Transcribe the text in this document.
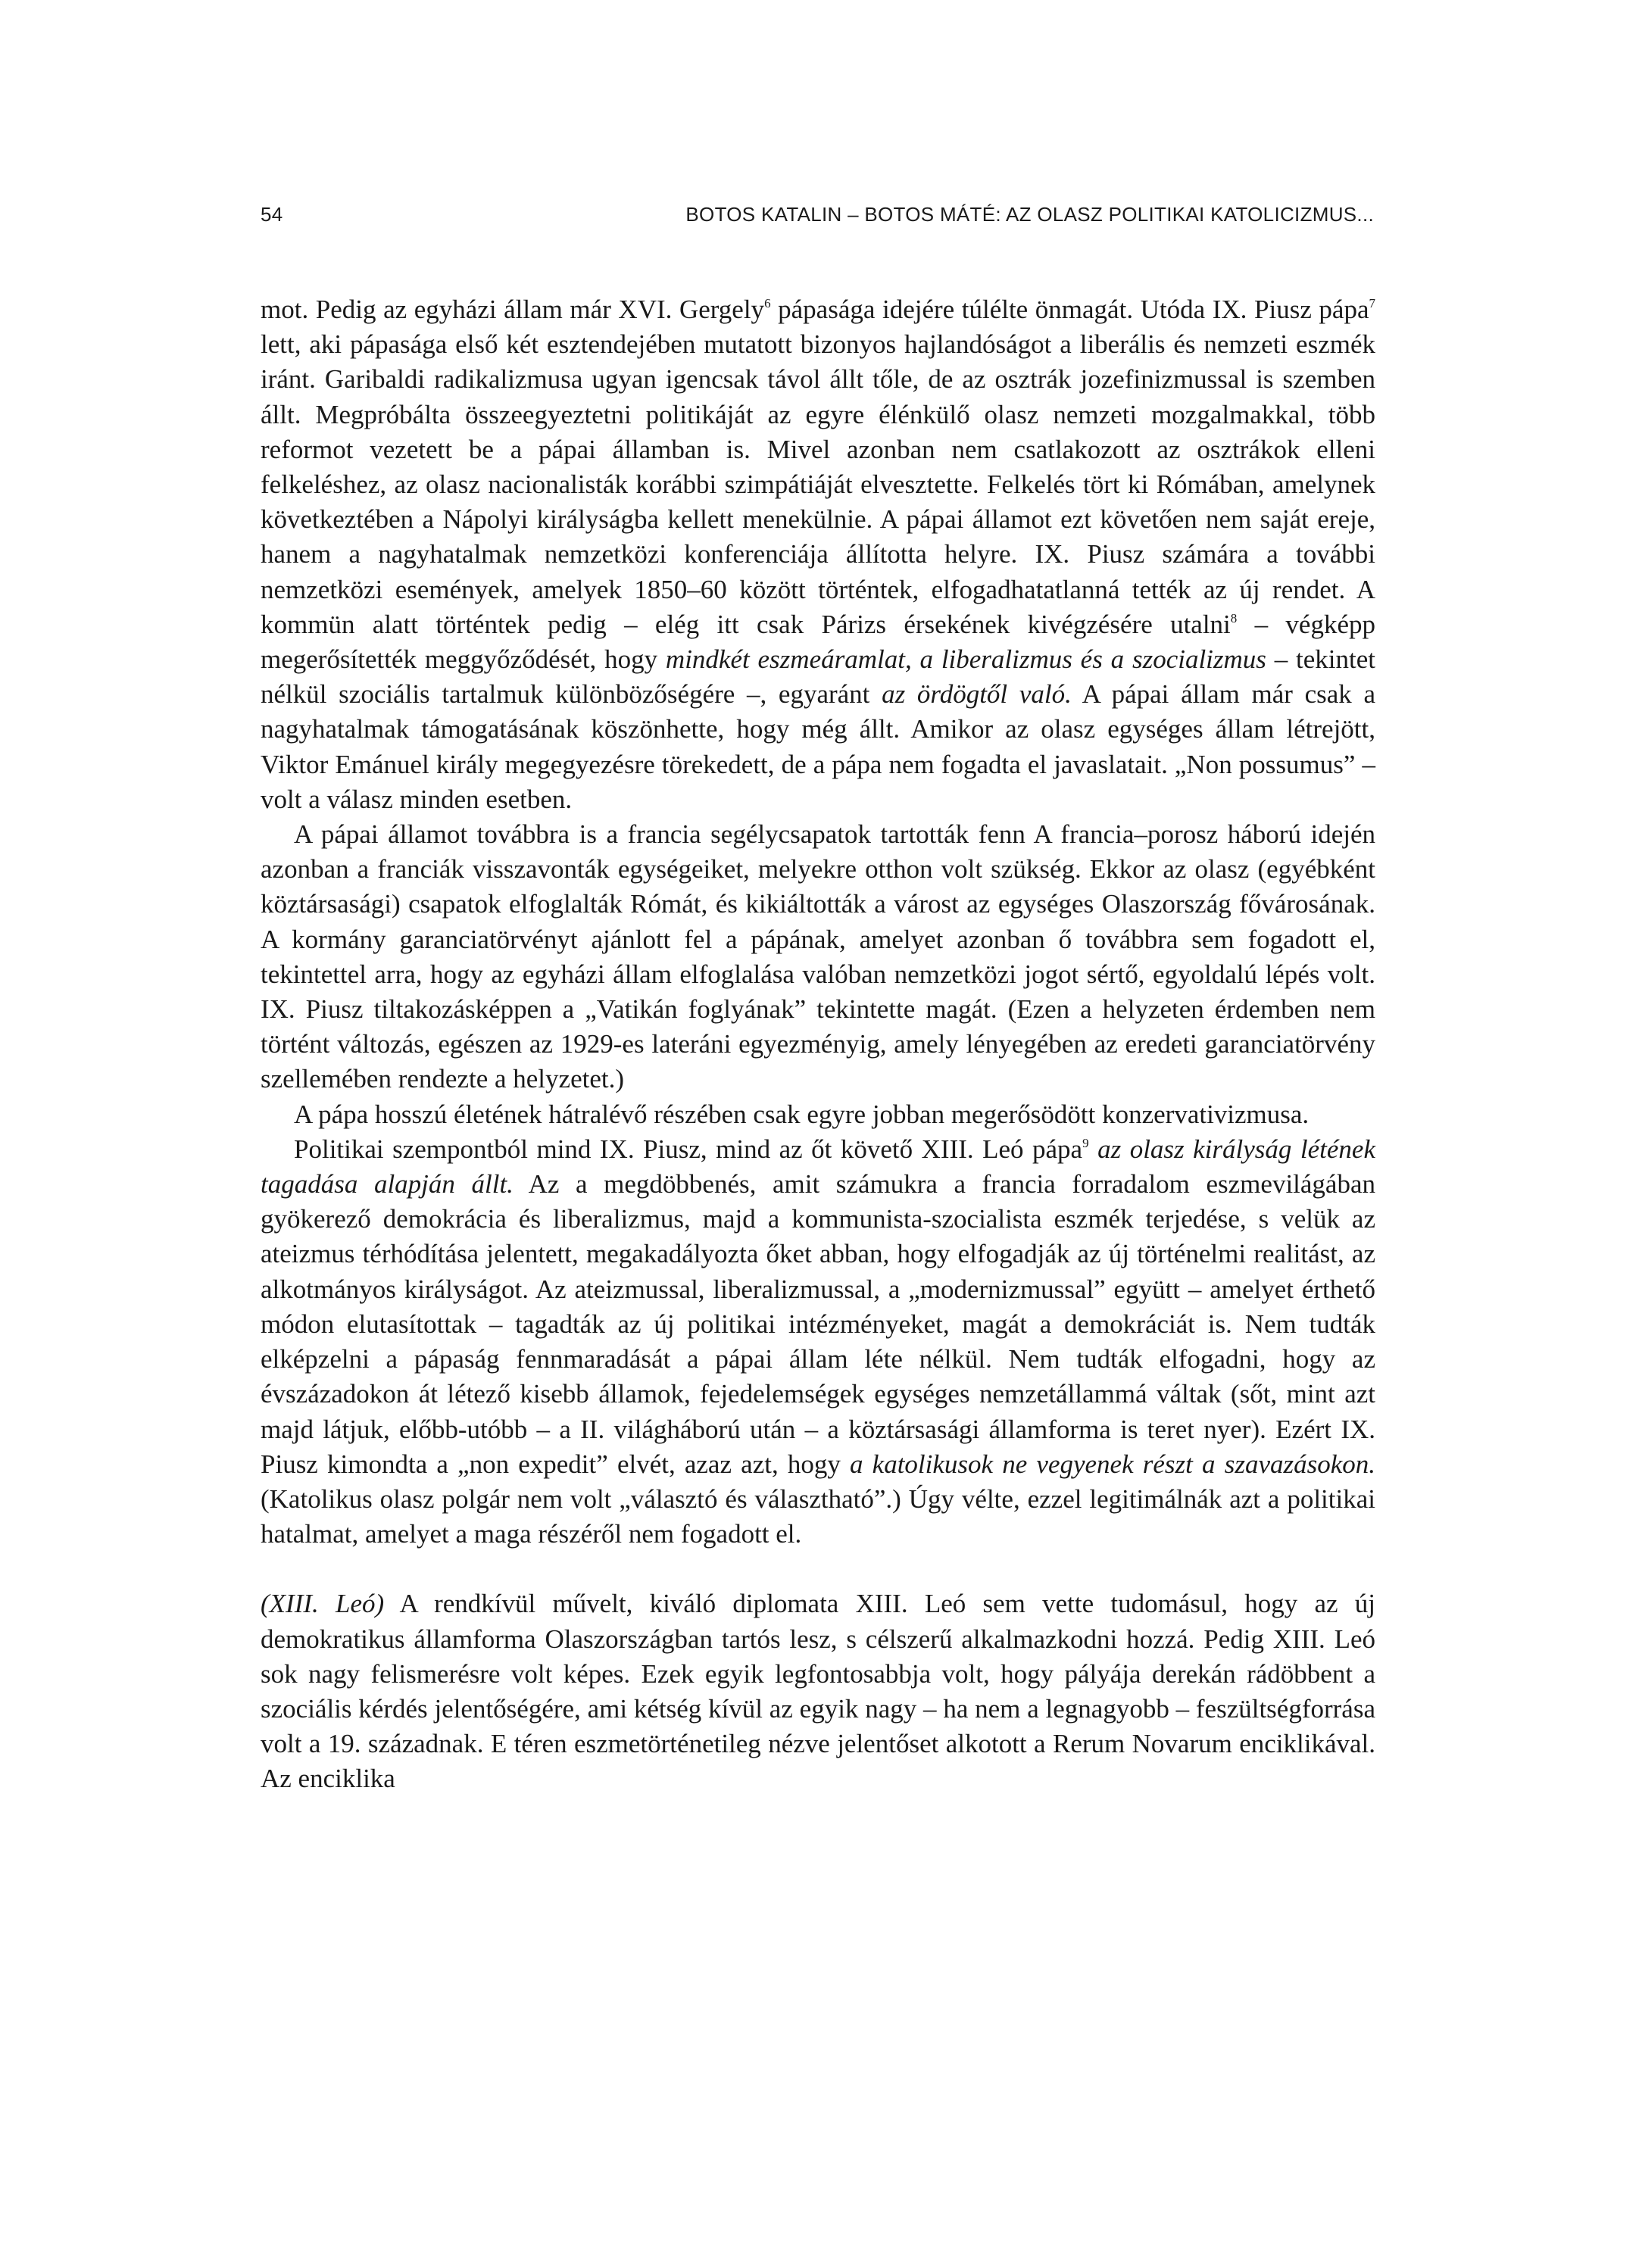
54	BOTOS KATALIN – BOTOS MÁTÉ: AZ OLASZ POLITIKAI KATOLICIZMUS...

mot. Pedig az egyházi állam már XVI. Gergely$^6$ pápasága idejére túlélte önmagát. Utóda IX. Piusz pápa$^7$ lett, aki pápasága első két esztendejében mutatott bizonyos hajlandóságot a liberális és nemzeti eszmék iránt. Garibaldi radikalizmusa ugyan igencsak távol állt tőle, de az osztrák jozefinizmussal is szemben állt. Megpróbálta összeegyeztetni politikáját az egyre élénkülő olasz nemzeti mozgalmakkal, több reformot vezetett be a pápai államban is. Mivel azonban nem csatlakozott az osztrákok elleni felkeléshez, az olasz nacionalisták korábbi szimpátiáját elvesztette. Felkelés tört ki Rómában, amelynek következtében a Nápolyi királyságba kellett menekülnie. A pápai államot ezt követően nem saját ereje, hanem a nagyhatalmak nemzetközi konferenciája állította helyre. IX. Piusz számára a további nemzetközi események, amelyek 1850–60 között történtek, elfogadhatatlanná tették az új rendet. A kommün alatt történtek pedig – elég itt csak Párizs érsekének kivégzésére utalni$^8$ – végképp megerősítették meggyőződését, hogy mindkét eszmeáramlat, a liberalizmus és a szocializmus – tekintet nélkül szociális tartalmuk különbözőségére –, egyaránt az ördögtől való. A pápai állam már csak a nagyhatalmak támogatásának köszönhette, hogy még állt. Amikor az olasz egységes állam létrejött, Viktor Emánuel király megegyezésre törekedett, de a pápa nem fogadta el javaslatait. „Non possumus” – volt a válasz minden esetben.

A pápai államot továbbra is a francia segélycsapatok tartották fenn A francia–porosz háború idején azonban a franciák visszavonták egységeiket, melyekre otthon volt szükség. Ekkor az olasz (egyébként köztársasági) csapatok elfoglalták Rómát, és kikiáltották a várost az egységes Olaszország fővárosának. A kormány garanciatörvényt ajánlott fel a pápának, amelyet azonban ő továbbra sem fogadott el, tekintettel arra, hogy az egyházi állam elfoglalása valóban nemzetközi jogot sértő, egyoldalú lépés volt. IX. Piusz tiltakozásképpen a „Vatikán foglyának” tekintette magát. (Ezen a helyzeten érdemben nem történt változás, egészen az 1929-es lateráni egyezményig, amely lényegében az eredeti garanciatörvény szellemében rendezte a helyzetet.)

A pápa hosszú életének hátralévő részében csak egyre jobban megerősödött konzervativizmusa.

Politikai szempontból mind IX. Piusz, mind az őt követő XIII. Leó pápa$^9$ az olasz királyság létének tagadása alapján állt. Az a megdöbbenés, amit számukra a francia forradalom eszmevilágában gyökerező demokrácia és liberalizmus, majd a kommunista-szocialista eszmék terjedése, s velük az ateizmus térhódítása jelentett, megakadályozta őket abban, hogy elfogadják az új történelmi realitást, az alkotmányos királyságot. Az ateizmussal, liberalizmussal, a „modernizmussal” együtt – amelyet érthető módon elutasítottak – tagadták az új politikai intézményeket, magát a demokráciát is. Nem tudták elképzelni a pápaság fennmaradását a pápai állam léte nélkül. Nem tudták elfogadni, hogy az évszázadokon át létező kisebb államok, fejedelemségek egységes nemzetállammá váltak (sőt, mint azt majd látjuk, előbb-utóbb – a II. világháború után – a köztársasági államforma is teret nyer). Ezért IX. Piusz kimondta a „non expedit” elvét, azaz azt, hogy a katolikusok ne vegyenek részt a szavazásokon. (Katolikus olasz polgár nem volt „választó és választható”.) Úgy vélte, ezzel legitimálnák azt a politikai hatalmat, amelyet a maga részéről nem fogadott el.

(XIII. Leó) A rendkívül művelt, kiváló diplomata XIII. Leó sem vette tudomásul, hogy az új demokratikus államforma Olaszországban tartós lesz, s célszerű alkalmazkodni hozzá. Pedig XIII. Leó sok nagy felismerésre volt képes. Ezek egyik legfontosabbja volt, hogy pályája derekán rádöbbent a szociális kérdés jelentőségére, ami kétség kívül az egyik nagy – ha nem a legnagyobb – feszültségforrása volt a 19. századnak. E téren eszmetörténetileg nézve jelentőset alkotott a Rerum Novarum enciklikával. Az enciklika
